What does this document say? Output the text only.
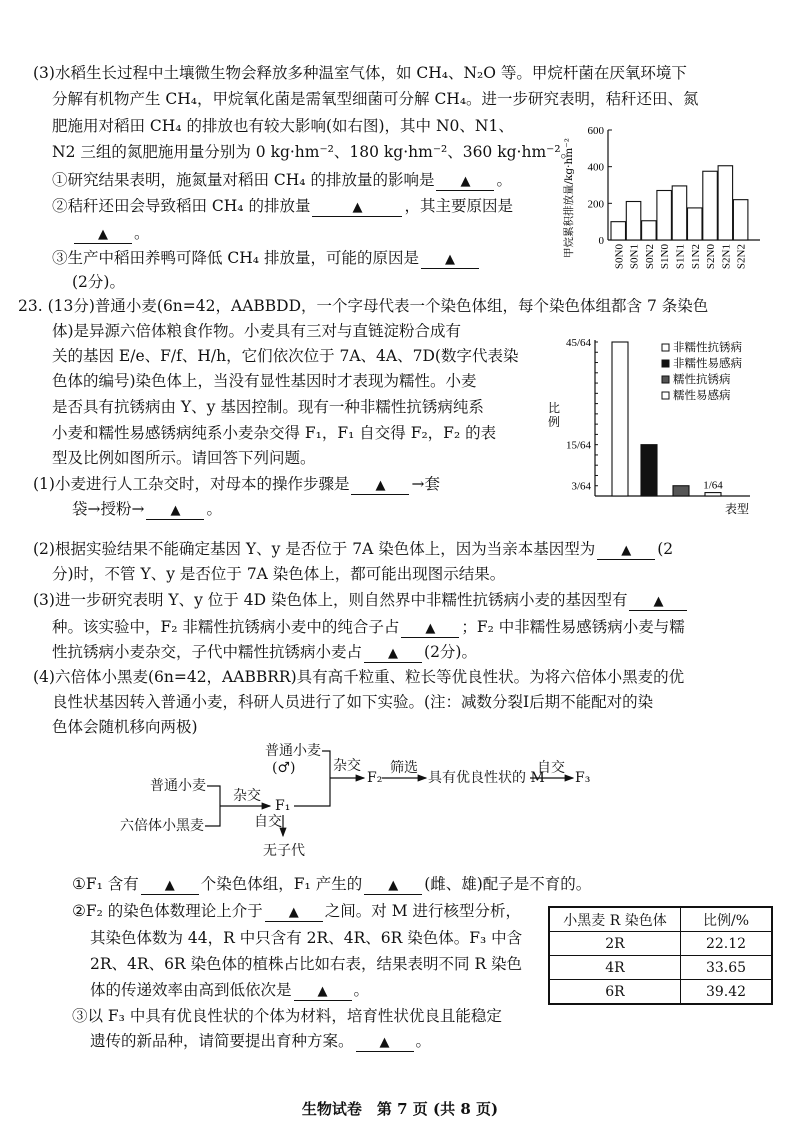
(3)水稻生长过程中土壤微生物会释放多种温室气体，如 CH₄、N₂O 等。甲烷杆菌在厌氧环境下
分解有机物产生 CH₄，甲烷氧化菌是需氧型细菌可分解 CH₄。进一步研究表明，秸秆还田、氮
肥施用对稻田 CH₄ 的排放也有较大影响(如右图)，其中 N0、N1、
N2 三组的氮肥施用量分别为 0 kg·hm⁻²、180 kg·hm⁻²、360 kg·hm⁻²。
①研究结果表明，施氮量对稻田 CH₄ 的排放量的影响是 ▲ 。
②秸秆还田会导致稻田 CH₄ 的排放量	▲	，其主要原因是
▲ 。
③生产中稻田养鸭可降低 CH₄ 排放量，可能的原因是 ▲
(2分)。
23. (13分)普通小麦(6n=42，AABBDD，一个字母代表一个染色体组，每个染色体组都含 7 条染色
体)是异源六倍体粮食作物。小麦具有三对与直链淀粉合成有
关的基因 E/e、F/f、H/h，它们依次位于 7A、4A、7D(数字代表染
色体的编号)染色体上，当没有显性基因时才表现为糯性。小麦
是否具有抗锈病由 Y、y 基因控制。现有一种非糯性抗锈病纯系
小麦和糯性易感锈病纯系小麦杂交得 F₁，F₁ 自交得 F₂，F₂ 的表
型及比例如图所示。请回答下列问题。
(1)小麦进行人工杂交时，对母本的操作步骤是 ▲ →套
袋→授粉→ ▲ 。
(2)根据实验结果不能确定基因 Y、y 是否位于 7A 染色体上，因为当亲本基因型为 ▲ (2
分)时，不管 Y、y 是否位于 7A 染色体上，都可能出现图示结果。
(3)进一步研究表明 Y、y 位于 4D 染色体上，则自然界中非糯性抗锈病小麦的基因型有 ▲
种。该实验中，F₂ 非糯性抗锈病小麦中的纯合子占 ▲ ；F₂ 中非糯性易感锈病小麦与糯
性抗锈病小麦杂交，子代中糯性抗锈病小麦占 ▲ (2分)。
(4)六倍体小黑麦(6n=42，AABBRR)具有高千粒重、粒长等优良性状。为将六倍体小黑麦的优
良性状基因转入普通小麦，科研人员进行了如下实验。(注：减数分裂Ⅰ后期不能配对的染
色体会随机移向两极)
①F₁ 含有 ▲ 个染色体组，F₁ 产生的 ▲ (雌、雄)配子是不育的。
②F₂ 的染色体数理论上介于 ▲ 之间。对 M 进行核型分析，
其染色体数为 44，R 中只含有 2R、4R、6R 染色体。F₃ 中含
2R、4R、6R 染色体的植株占比如右表，结果表明不同 R 染色
体的传递效率由高到低依次是 ▲ 。
③以 F₃ 中具有优良性状的个体为材料，培育性状优良且能稳定
遗传的新品种，请简要提出育种方案。 ▲ 。
普通小麦
(♂)	杂交
F₂
筛选
具有优良性状的 M
自交
F₃
普通小麦
六倍体小黑麦
杂交
F₁
自交
无子代
小黑麦 R 染色体	比例/%
2R	22.12
4R	33.65
6R	39.42
0
200
400
600
S0N0 S0N1 S0N2 S1N0 S1N1 S1N2 S2N0 S2N1 S2N2
甲烷累积排放量/kg·hm⁻²
45/64
15/64
3/64	1/64
非糯性抗锈病
非糯性易感病
糯性抗锈病
糯性易感病
比
例
表型
生物试卷　第 7 页 (共 8 页)
